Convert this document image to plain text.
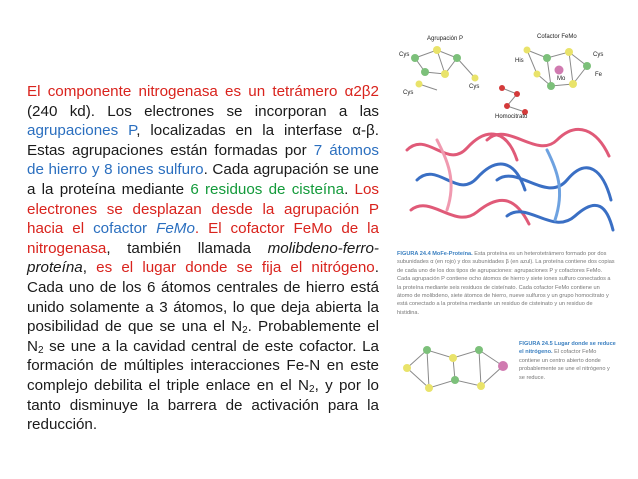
El componente nitrogenasa es un tetrámero α2β2 (240 kd). Los electrones se incorporan a las agrupaciones P, localizadas en la interfase α-β. Estas agrupaciones están formadas por 7 átomos de hierro y 8 iones sulfuro. Cada agrupación se une a la proteína mediante 6 residuos de cisteína. Los electrones se desplazan desde la agrupación P hacia el cofactor FeMo. El cofactor FeMo de la nitrogenasa, también llamada molibdeno-ferro-proteína, es el lugar donde se fija el nitrógeno. Cada uno de los 6 átomos centrales de hierro está unido solamente a 3 átomos, lo que deja abierta la posibilidad de que se una el $N_2$. Probablemente el $N_2$ se une a la cavidad central de este cofactor. La formación de múltiples interacciones Fe-N en este complejo debilita el triple enlace en el $N_2$, y por lo tanto disminuye la barrera de activación para la reducción.
Agrupación P	Cofactor FeMo
Cys
Cys
Cys
Cys
His
Fe
Mo
Homocitrato
FIGURA 24.4 MoFe-Proteína. Esta proteína es un heterotetrámero formado por dos subunidades α (en rojo) y dos subunidades β (en azul). La proteína contiene dos copias de cada uno de los dos tipos de agrupaciones: agrupaciones P y cofactores FeMo. Cada agrupación P contiene ocho átomos de hierro y siete iones sulfuro conectados a la proteína mediante seis residuos de cisteínato. Cada cofactor FeMo contiene un átomo de molibdeno, siete átomos de hierro, nueve sulfuros y un grupo homocitrato y está conectado a la proteína mediante un residuo de cisteinato y un residuo de histidina.
FIGURA 24.5 Lugar donde se reduce el nitrógeno. El cofactor FeMo contiene un centro abierto donde probablemente se une el nitrógeno y se reduce.
